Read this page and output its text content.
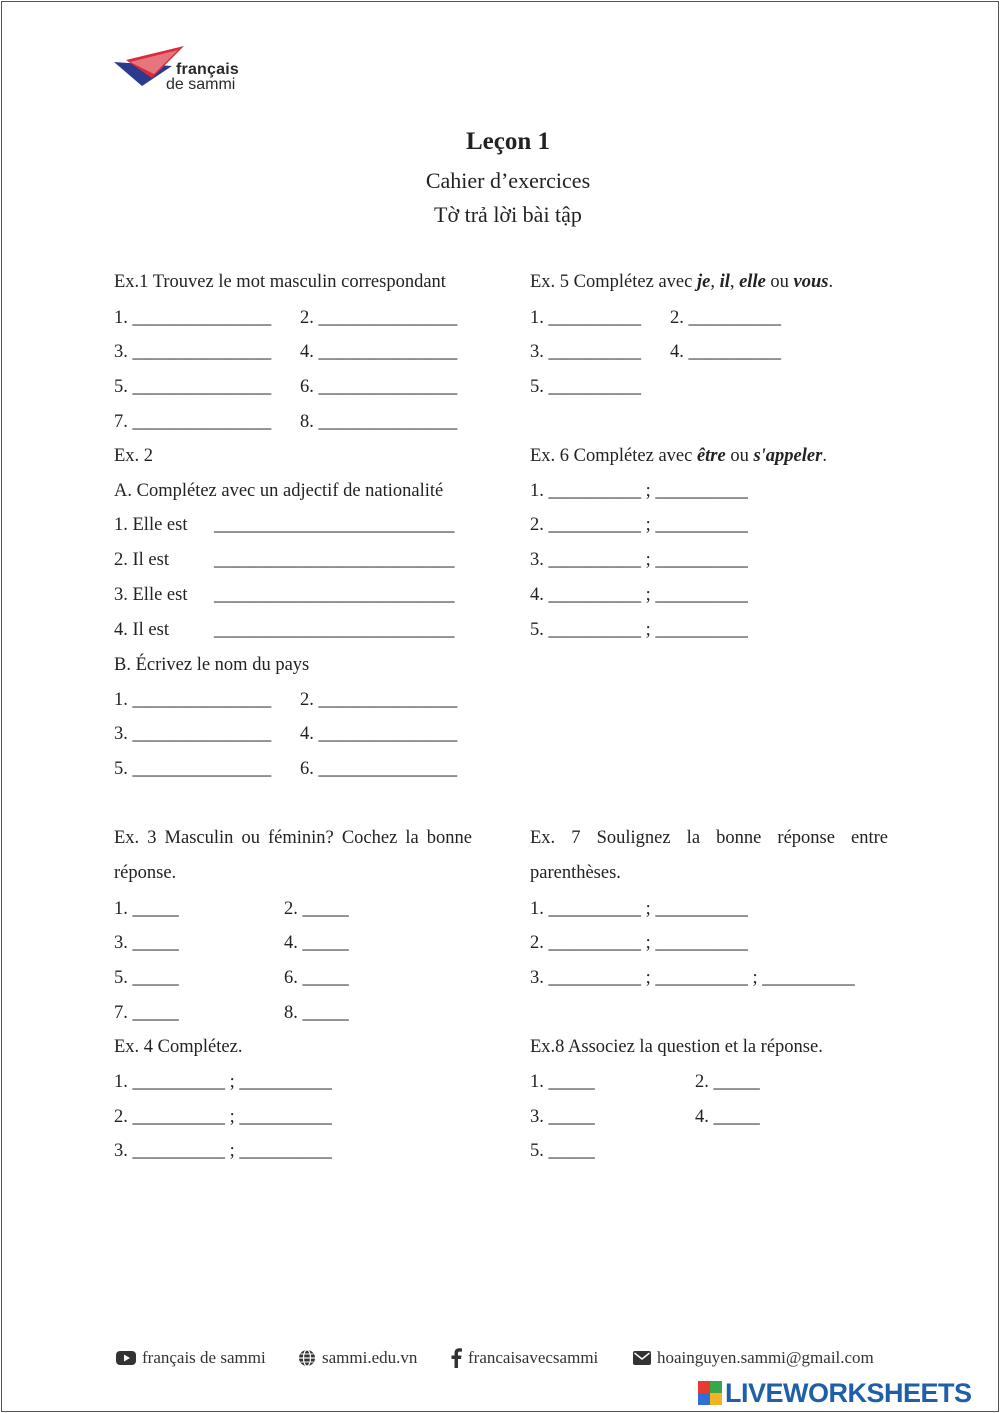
français
de sammi
Leçon 1
Cahier d’exercices
Tờ trả lời bài tập
Ex.1 Trouvez le mot masculin correspondant
1. _______________ 2. _______________
3. _______________ 4. _______________
5. _______________ 6. _______________
7. _______________ 8. _______________
Ex. 2
A. Complétez avec un adjectif de nationalité
1. Elle est __________________________
2. Il est __________________________
3. Elle est __________________________
4. Il est __________________________
B. Écrivez le nom du pays
1. _______________ 2. _______________
3. _______________ 4. _______________
5. _______________ 6. _______________
Ex. 3 Masculin ou féminin? Cochez la bonne
réponse.
1. _____	2. _____
3. _____	4. _____
5. _____	6. _____
7. _____	8. _____
Ex. 4 Complétez.
1. __________ ; __________
2. __________ ; __________
3. __________ ; __________
Ex. 5 Complétez avec je, il, elle ou vous.
1. __________ 2. __________
3. __________ 4. __________
5. __________
Ex. 6 Complétez avec être ou s'appeler.
1. __________ ; __________
2. __________ ; __________
3. __________ ; __________
4. __________ ; __________
5. __________ ; __________
Ex. 7 Soulignez la bonne réponse entre
parenthèses.
1. __________ ; __________
2. __________ ; __________
3. __________ ; __________ ; __________
Ex.8 Associez la question et la réponse.
1. _____	2. _____
3. _____	4. _____
5. _____
français de sammi	sammi.edu.vn	francaisavecsammi	hoainguyen.sammi@gmail.com
LIVEWORKSHEETS
